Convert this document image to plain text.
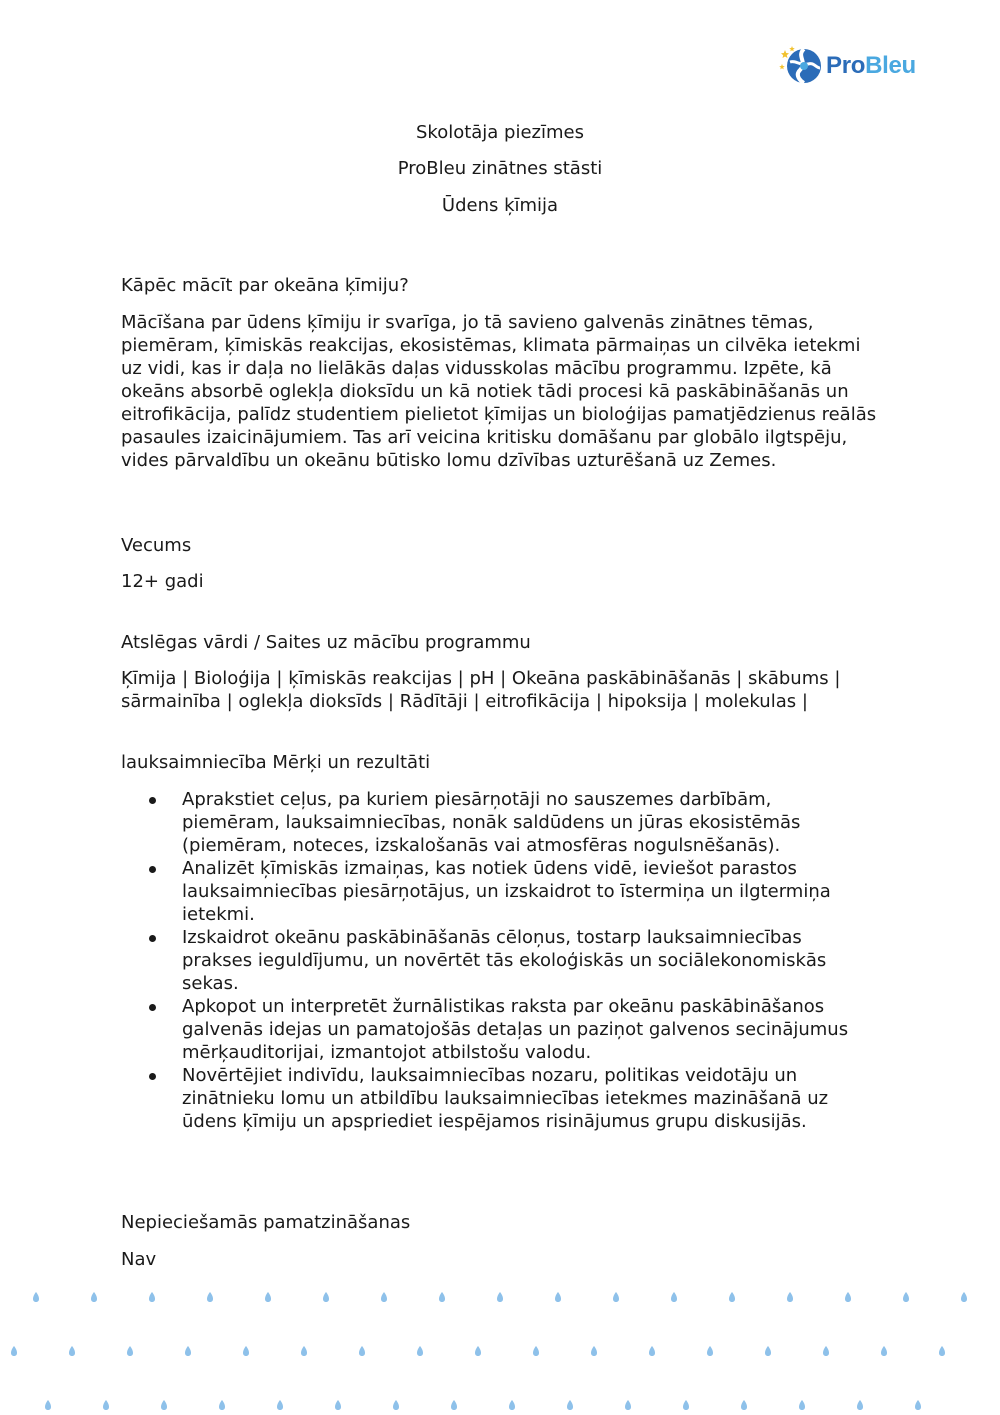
ProBleu
Skolotāja piezīmes
ProBleu zinātnes stāsti
Ūdens ķīmija
Kāpēc mācīt par okeāna ķīmiju?

Mācīšana par ūdens ķīmiju ir svarīga, jo tā savieno galvenās zinātnes tēmas, piemēram, ķīmiskās reakcijas, ekosistēmas, klimata pārmaiņas un cilvēka ietekmi uz vidi, kas ir daļa no lielākās daļas vidusskolas mācību programmu. Izpēte, kā okeāns absorbē oglekļa dioksīdu un kā notiek tādi procesi kā paskābināšanās un eitrofikācija, palīdz studentiem pielietot ķīmijas un bioloģijas pamatjēdzienus reālās pasaules izaicinājumiem. Tas arī veicina kritisku domāšanu par globālo ilgtspēju, vides pārvaldību un okeānu būtisko lomu dzīvības uzturēšanā uz Zemes.

Vecums
12+ gadi
Atslēgas vārdi / Saites uz mācību programmu
Ķīmija | Bioloģija | ķīmiskās reakcijas | pH | Okeāna paskābināšanās | skābums | sārmainība | oglekļa dioksīds | Rādītāji | eitrofikācija | hipoksija | molekulas |
lauksaimniecība Mērķi un rezultāti
Aprakstiet ceļus, pa kuriem piesārņotāji no sauszemes darbībām, piemēram, lauksaimniecības, nonāk saldūdens un jūras ekosistēmās (piemēram, noteces, izskalošanās vai atmosfēras nogulsnēšanās).
Analizēt ķīmiskās izmaiņas, kas notiek ūdens vidē, ieviešot parastos lauksaimniecības piesārņotājus, un izskaidrot to īstermiņa un ilgtermiņa ietekmi.
Izskaidrot okeānu paskābināšanās cēloņus, tostarp lauksaimniecības prakses ieguldījumu, un novērtēt tās ekoloģiskās un sociālekonomiskās sekas.
Apkopot un interpretēt žurnālistikas raksta par okeānu paskābināšanos galvenās idejas un pamatojošās detaļas un paziņot galvenos secinājumus mērķauditorijai, izmantojot atbilstošu valodu.
Novērtējiet indivīdu, lauksaimniecības nozaru, politikas veidotāju un zinātnieku lomu un atbildību lauksaimniecības ietekmes mazināšanā uz ūdens ķīmiju un apspriediet iespējamos risinājumus grupu diskusijās.
Nepieciešamās pamatzināšanas
Nav
